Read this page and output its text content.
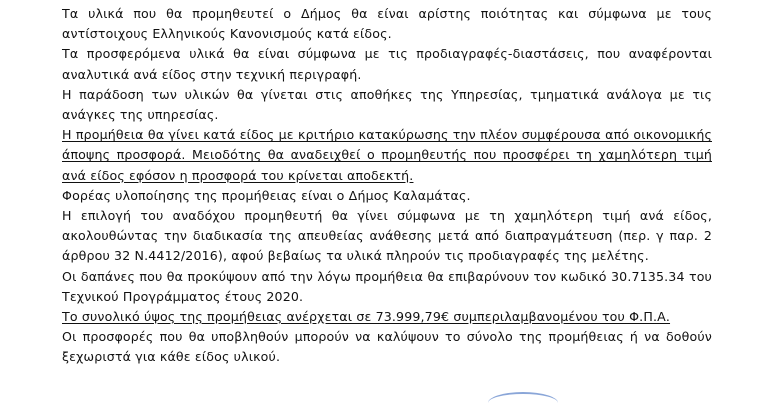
Τα υλικά που θα προμηθευτεί ο Δήμος θα είναι αρίστης ποιότητας και σύμφωνα με τους αντίστοιχους Ελληνικούς Κανονισμούς κατά είδος.

Τα προσφερόμενα υλικά θα είναι σύμφωνα με τις προδιαγραφές-διαστάσεις, που αναφέρονται αναλυτικά ανά είδος στην τεχνική περιγραφή.

Η παράδοση των υλικών θα γίνεται στις αποθήκες της Υπηρεσίας, τμηματικά ανάλογα με τις ανάγκες της υπηρεσίας.

Η προμήθεια θα γίνει κατά είδος με κριτήριο κατακύρωσης την πλέον συμφέρουσα από οικονομικής άποψης προσφορά. Μειοδότης θα αναδειχθεί ο προμηθευτής που προσφέρει τη χαμηλότερη τιμή ανά είδος εφόσον η προσφορά του κρίνεται αποδεκτή.

Φορέας υλοποίησης της προμήθειας είναι ο Δήμος Καλαμάτας.

Η επιλογή του αναδόχου προμηθευτή θα γίνει σύμφωνα με τη χαμηλότερη τιμή ανά είδος, ακολουθώντας την διαδικασία της απευθείας ανάθεσης μετά από διαπραγμάτευση (περ. γ παρ. 2 άρθρου 32 Ν.4412/2016), αφού βεβαίως τα υλικά πληρούν τις προδιαγραφές της μελέτης.

Οι δαπάνες που θα προκύψουν από την λόγω προμήθεια θα επιβαρύνουν τον κωδικό 30.7135.34 του Τεχνικού Προγράμματος έτους 2020.

Το συνολικό ύψος της προμήθειας ανέρχεται σε 73.999,79€ συμπεριλαμβανομένου του Φ.Π.Α.

Οι προσφορές που θα υποβληθούν μπορούν να καλύψουν το σύνολο της προμήθειας ή να δοθούν ξεχωριστά για κάθε είδος υλικού.
